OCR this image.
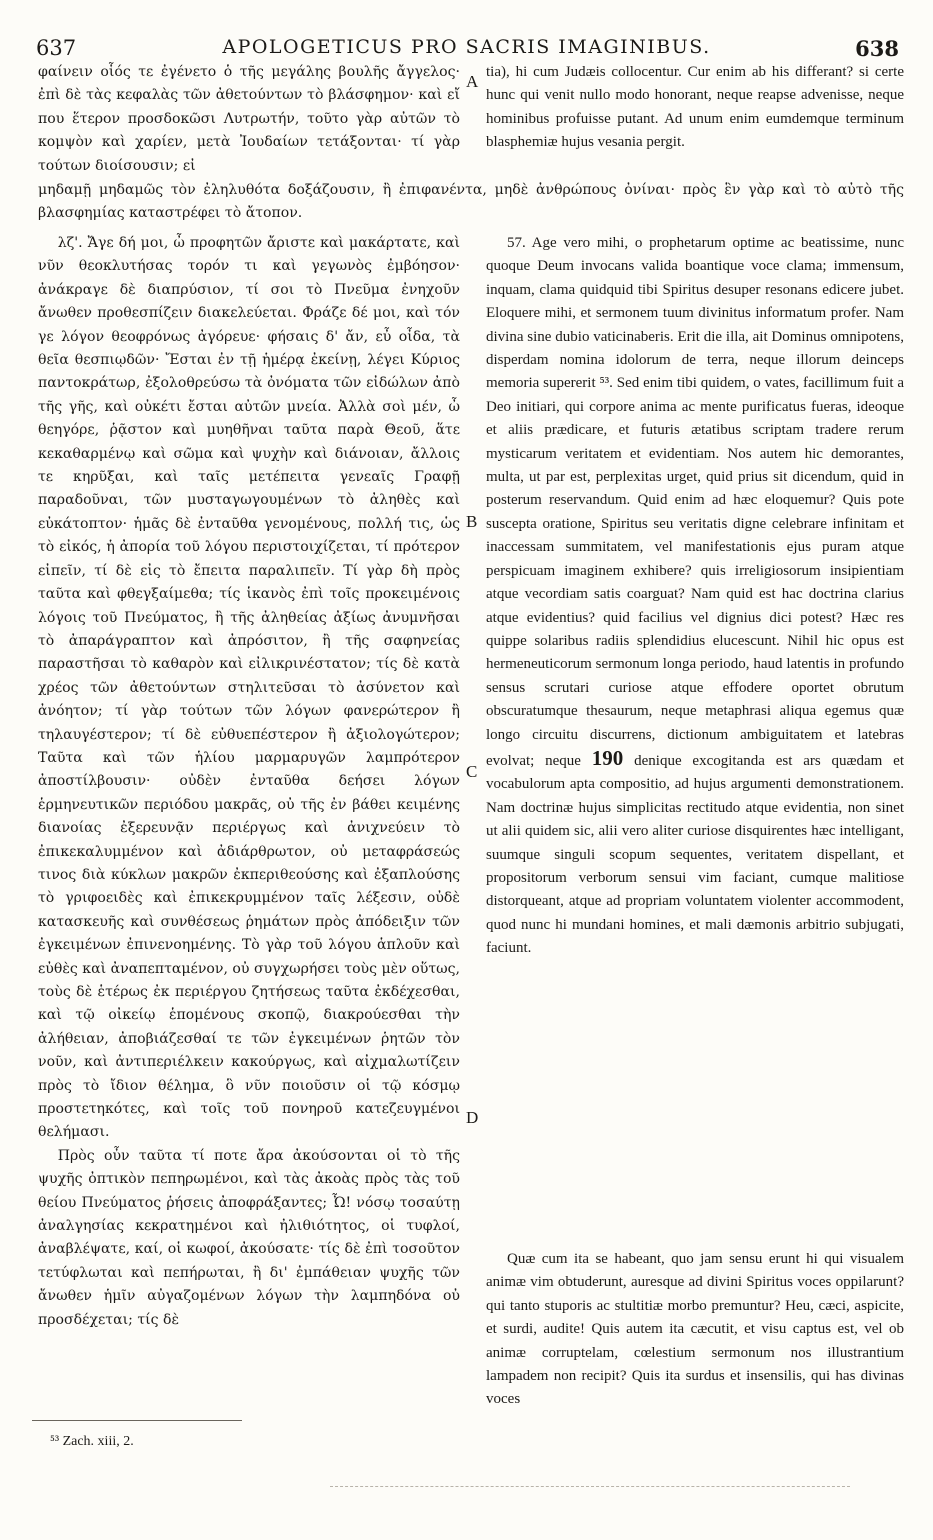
637	APOLOGETICUS PRO SACRIS IMAGINIBUS.	638

φαίνειν οἷός τε ἐγένετο ὁ τῆς μεγάλης βουλῆς ἄγγελος· ἐπὶ δὲ τὰς κεφαλὰς τῶν ἀθετούντων τὸ βλάσφημον· καὶ εἴ που ἕτερον προσδοκῶσι Λυτρωτήν, τοῦτο γὰρ αὐτῶν τὸ κομψὸν καὶ χαρίεν, μετὰ Ἰουδαίων τετάξονται· τί γὰρ τούτων διοίσουσιν; εἰ

tia), hi cum Judæis collocentur. Cur enim ab his differant? si certe hunc qui venit nullo modo honorant, neque reapse advenisse, neque hominibus profuisse putant. Ad unum enim eumdemque terminum blasphemiæ hujus vesania pergit.

μηδαμῇ μηδαμῶς τὸν ἐληλυθότα δοξάζουσιν, ἢ ἐπιφανέντα, μηδὲ ἀνθρώπους ὀνίναι· πρὸς ἓν γὰρ καὶ τὸ αὐτὸ τῆς βλασφημίας καταστρέφει τὸ ἄτοπον.

λζ'. Ἄγε δή μοι, ὦ προφητῶν ἄριστε καὶ μακάρτατε, καὶ νῦν θεοκλυτήσας τορόν τι καὶ γεγωνὸς ἐμβόησον· ἀνάκραγε δὲ διαπρύσιον, τί σοι τὸ Πνεῦμα ἐνηχοῦν ἄνωθεν προθεσπίζειν διακελεύεται. Φράζε δέ μοι, καὶ τόν γε λόγον θεοφρόνως ἀγόρευε· φήσαις δ' ἄν, εὖ οἶδα, τὰ θεῖα θεσπιῳδῶν· Ἔσται ἐν τῇ ἡμέρᾳ ἐκείνῃ, λέγει Κύριος παντοκράτωρ, ἐξολοθρεύσω τὰ ὀνόματα τῶν εἰδώλων ἀπὸ τῆς γῆς, καὶ οὐκέτι ἔσται αὐτῶν μνεία. Ἀλλὰ σοὶ μέν, ὦ θεηγόρε, ῥᾷστον καὶ μυηθῆναι ταῦτα παρὰ Θεοῦ, ἅτε κεκαθαρμένῳ καὶ σῶμα καὶ ψυχὴν καὶ διάνοιαν, ἄλλοις τε κηρῦξαι, καὶ ταῖς μετέπειτα γενεαῖς Γραφῇ παραδοῦναι, τῶν μυσταγωγουμένων τὸ ἀληθὲς καὶ εὐκάτοπτον· ἡμᾶς δὲ ἐνταῦθα γενομένους, πολλή τις, ὡς τὸ εἰκός, ἡ ἀπορία τοῦ λόγου περιστοιχίζεται, τί πρότερον εἰπεῖν, τί δὲ εἰς τὸ ἔπειτα παραλιπεῖν. Τί γὰρ δὴ πρὸς ταῦτα καὶ φθεγξαίμεθα; τίς ἱκανὸς ἐπὶ τοῖς προκειμένοις λόγοις τοῦ Πνεύματος, ἢ τῆς ἀληθείας ἀξίως ἀνυμνῆσαι τὸ ἀπαράγραπτον καὶ ἀπρόσιτον, ἢ τῆς σαφηνείας παραστῆσαι τὸ καθαρὸν καὶ εἰλικρινέστατον; τίς δὲ κατὰ χρέος τῶν ἀθετούντων στηλιτεῦσαι τὸ ἀσύνετον καὶ ἀνόητον; τί γὰρ τούτων τῶν λόγων φανερώτερον ἢ τηλαυγέστερον; τί δὲ εὐθυεπέστερον ἢ ἀξιολογώτερον; Ταῦτα καὶ τῶν ἡλίου μαρμαρυγῶν λαμπρότερον ἀποστίλβουσιν· οὐδὲν ἐνταῦθα δεήσει λόγων ἑρμηνευτικῶν περιόδου μακρᾶς, οὐ τῆς ἐν βάθει κειμένης διανοίας ἐξερευνᾷν περιέργως καὶ ἀνιχνεύειν τὸ ἐπικεκαλυμμένον καὶ ἀδιάρθρωτον, οὐ μεταφράσεώς τινος διὰ κύκλων μακρῶν ἐκπεριθεούσης καὶ ἐξαπλούσης τὸ γριφοειδὲς καὶ ἐπικεκρυμμένον ταῖς λέξεσιν, οὐδὲ κατασκευῆς καὶ συνθέσεως ῥημάτων πρὸς ἀπόδειξιν τῶν ἐγκειμένων ἐπινενοημένης. Τὸ γὰρ τοῦ λόγου ἁπλοῦν καὶ εὐθὲς καὶ ἀναπεπταμένον, οὐ συγχωρήσει τοὺς μὲν οὕτως, τοὺς δὲ ἑτέρως ἐκ περιέργου ζητήσεως ταῦτα ἐκδέχεσθαι, καὶ τῷ οἰκείῳ ἑπομένους σκοπῷ, διακρούεσθαι τὴν ἀλήθειαν, ἀποβιάζεσθαί τε τῶν ἐγκειμένων ῥητῶν τὸν νοῦν, καὶ ἀντιπεριέλκειν κακούργως, καὶ αἰχμαλωτίζειν πρὸς τὸ ἴδιον θέλημα, ὃ νῦν ποιοῦσιν οἱ τῷ κόσμῳ προστετηκότες, καὶ τοῖς τοῦ πονηροῦ κατεζευγμένοι θελήμασι.

Πρὸς οὖν ταῦτα τί ποτε ἄρα ἀκούσονται οἱ τὸ τῆς ψυχῆς ὀπτικὸν πεπηρωμένοι, καὶ τὰς ἀκοὰς πρὸς τὰς τοῦ θείου Πνεύματος ῥήσεις ἀποφράξαντες; Ὦ! νόσῳ τοσαύτῃ ἀναλγησίας κεκρατημένοι καὶ ἠλιθιότητος, οἱ τυφλοί, ἀναβλέψατε, καί, οἱ κωφοί, ἀκούσατε· τίς δὲ ἐπὶ τοσοῦτον τετύφλωται καὶ πεπήρωται, ἢ δι' ἐμπάθειαν ψυχῆς τῶν ἄνωθεν ἡμῖν αὐγαζομένων λόγων τὴν λαμπηδόνα οὐ προσδέχεται; τίς δὲ

57. Age vero mihi, o prophetarum optime ac beatissime, nunc quoque Deum invocans valida boantique voce clama; immensum, inquam, clama quidquid tibi Spiritus desuper resonans edicere jubet. Eloquere mihi, et sermonem tuum divinitus informatum profer. Nam divina sine dubio vaticinaberis. Erit die illa, ait Dominus omnipotens, disperdam nomina idolorum de terra, neque illorum deinceps memoria supererit ⁵³. Sed enim tibi quidem, o vates, facillimum fuit a Deo initiari, qui corpore anima ac mente purificatus fueras, ideoque et aliis prædicare, et futuris ætatibus scriptam tradere rerum mysticarum veritatem et evidentiam. Nos autem hic demorantes, multa, ut par est, perplexitas urget, quid prius sit dicendum, quid in posterum reservandum. Quid enim ad hæc eloquemur? Quis pote suscepta oratione, Spiritus seu veritatis digne celebrare infinitam et inaccessam summitatem, vel manifestationis ejus puram atque perspicuam imaginem exhibere? quis irreligiosorum insipientiam atque vecordiam satis coarguat? Nam quid est hac doctrina clarius atque evidentius? quid facilius vel dignius dici potest? Hæc res quippe solaribus radiis splendidius elucescunt. Nihil hic opus est hermeneuticorum sermonum longa periodo, haud latentis in profundo sensus scrutari curiose atque effodere oportet obrutum obscuratumque thesaurum, neque metaphrasi aliqua egemus quæ longo circuitu discurrens, dictionum ambiguitatem et latebras evolvat; neque 190 denique excogitanda est ars quædam et vocabulorum apta compositio, ad hujus argumenti demonstrationem. Nam doctrinæ hujus simplicitas rectitudo atque evidentia, non sinet ut alii quidem sic, alii vero aliter curiose disquirentes hæc intelligant, suumque singuli scopum sequentes, veritatem dispellant, et propositorum verborum sensui vim faciant, cumque malitiose distorqueant, atque ad propriam voluntatem violenter accommodent, quod nunc hi mundani homines, et mali dæmonis arbitrio subjugati, faciunt.

Quæ cum ita se habeant, quo jam sensu erunt hi qui visualem animæ vim obtuderunt, auresque ad divini Spiritus voces oppilarunt? qui tanto stuporis ac stultitiæ morbo premuntur? Heu, cæci, aspicite, et surdi, audite! Quis autem ita cæcutit, et visu captus est, vel ob animæ corruptelam, cœlestium sermonum nos illustrantium lampadem non recipit? Quis ita surdus et insensilis, qui has divinas voces

A
B
C
D
⁵³ Zach. xiii, 2.
